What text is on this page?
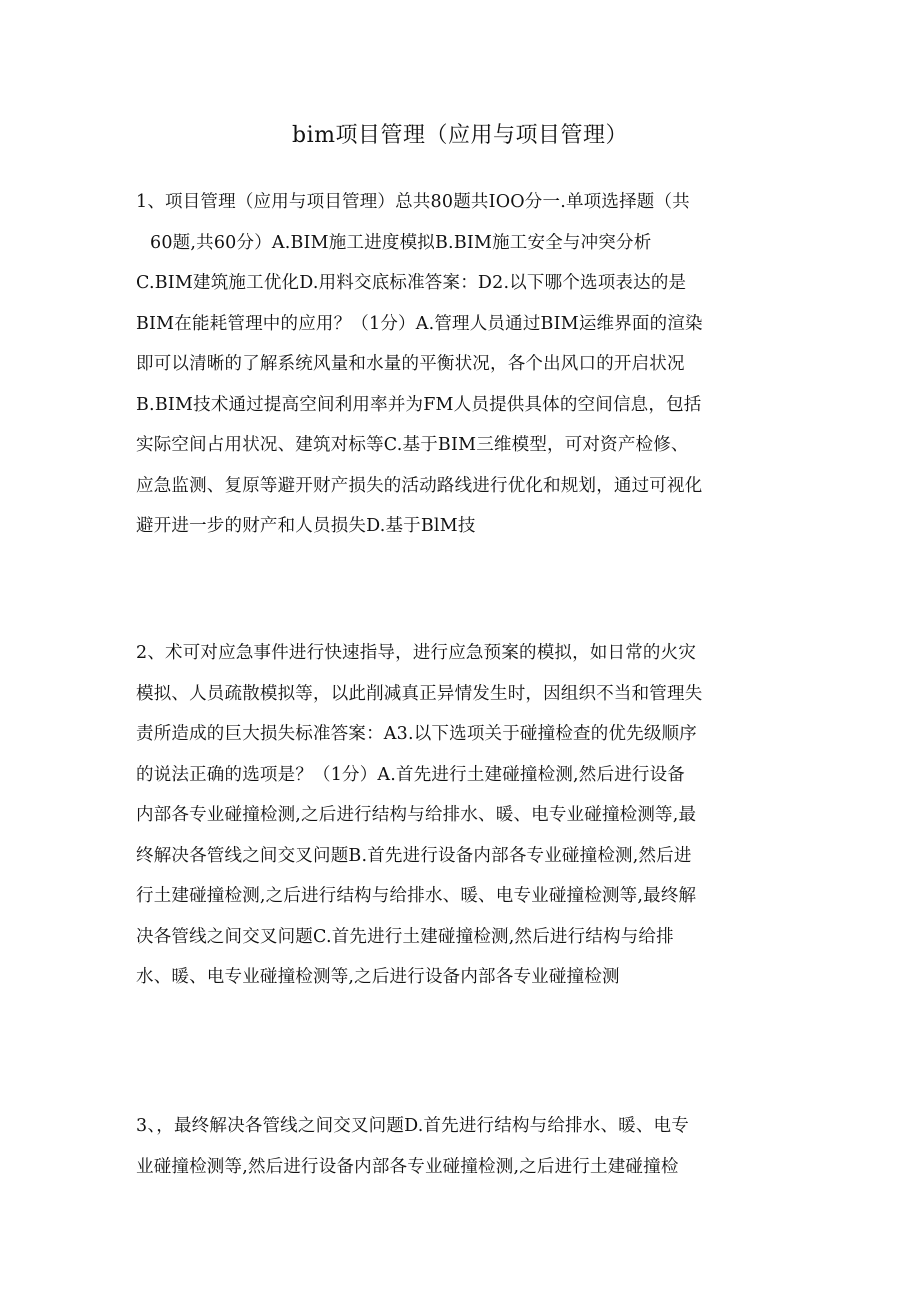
bim项目管理（应用与项目管理）
1、项目管理（应用与项目管理）总共80题共IOO分一.单项选择题（共
60题,共60分）A.BIM施工进度模拟B.BIM施工安全与冲突分析
C.BIM建筑施工优化D.用料交底标准答案：D2.以下哪个选项表达的是
BIM在能耗管理中的应用？（1分）A.管理人员通过BIM运维界面的渲染
即可以清晰的了解系统风量和水量的平衡状况，各个出风口的开启状况
B.BIM技术通过提高空间利用率并为FM人员提供具体的空间信息，包括
实际空间占用状况、建筑对标等C.基于BIM三维模型，可对资产检修、
应急监测、复原等避开财产损失的活动路线进行优化和规划，通过可视化
避开进一步的财产和人员损失D.基于BlM技
2、术可对应急事件进行快速指导，进行应急预案的模拟，如日常的火灾
模拟、人员疏散模拟等，以此削减真正异情发生时，因组织不当和管理失
责所造成的巨大损失标准答案：A3.以下选项关于碰撞检查的优先级顺序
的说法正确的选项是？（1分）A.首先进行土建碰撞检测,然后进行设备
内部各专业碰撞检测,之后进行结构与给排水、暖、电专业碰撞检测等,最
终解决各管线之间交叉问题B.首先进行设备内部各专业碰撞检测,然后进
行土建碰撞检测,之后进行结构与给排水、暖、电专业碰撞检测等,最终解
决各管线之间交叉问题C.首先进行土建碰撞检测,然后进行结构与给排
水、暖、电专业碰撞检测等,之后进行设备内部各专业碰撞检测
3、，最终解决各管线之间交叉问题D.首先进行结构与给排水、暖、电专
业碰撞检测等,然后进行设备内部各专业碰撞检测,之后进行土建碰撞检
